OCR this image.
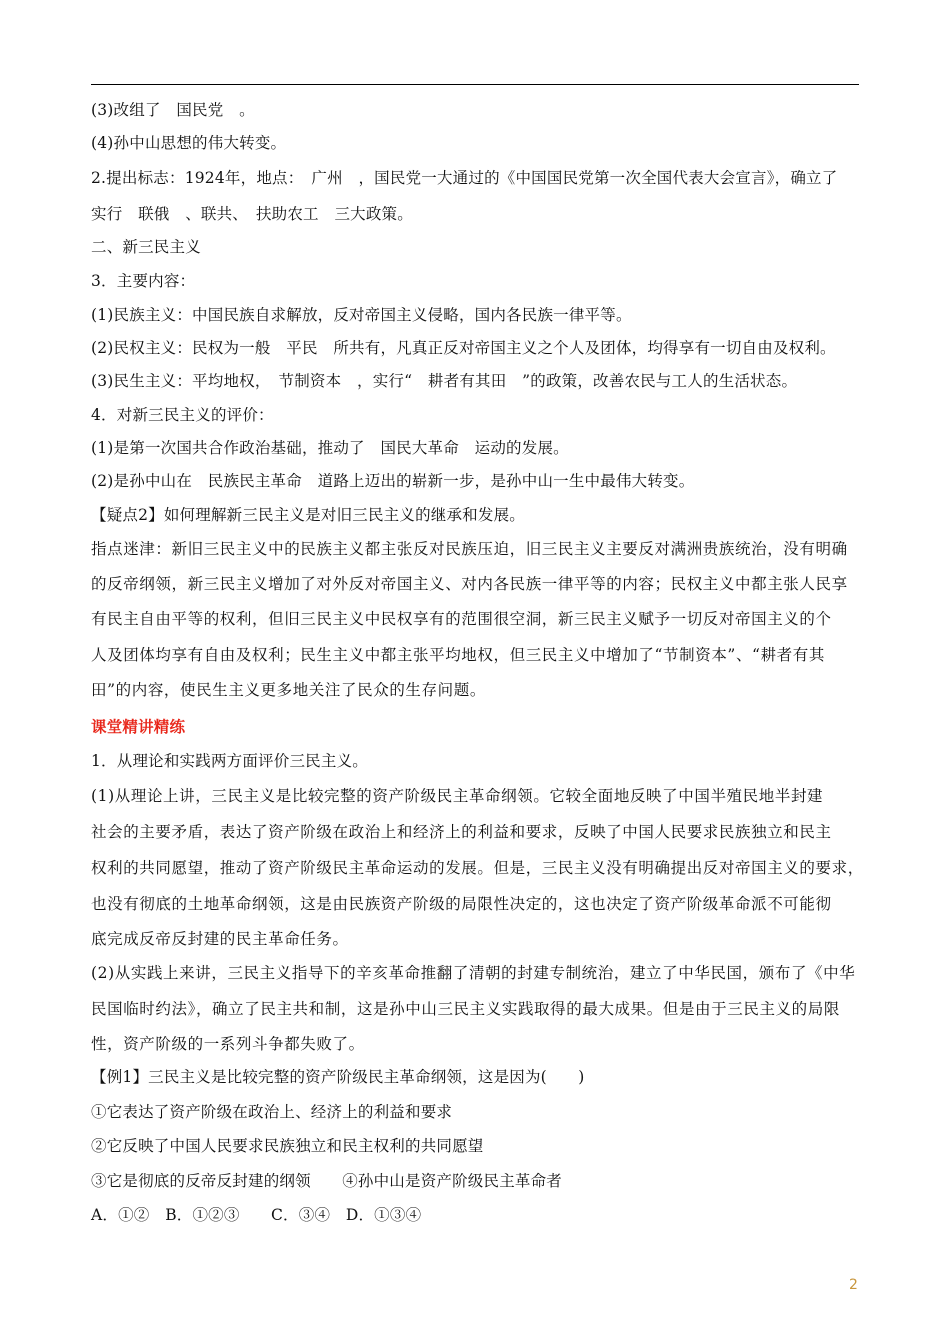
(3)改组了　国民党　。
(4)孙中山思想的伟大转变。
2.提出标志：1924年，地点：　广州　，国民党一大通过的《中国国民党第一次全国代表大会宣言》，确立了
实行　联俄　、联共、　扶助农工　三大政策。
二、新三民主义
3．主要内容：
(1)民族主义：中国民族自求解放，反对帝国主义侵略，国内各民族一律平等。
(2)民权主义：民权为一般　平民　所共有，凡真正反对帝国主义之个人及团体，均得享有一切自由及权利。
(3)民生主义：平均地权，　节制资本　，实行“　耕者有其田　”的政策，改善农民与工人的生活状态。
4．对新三民主义的评价：
(1)是第一次国共合作政治基础，推动了　国民大革命　运动的发展。
(2)是孙中山在　民族民主革命　道路上迈出的崭新一步，是孙中山一生中最伟大转变。
【疑点2】如何理解新三民主义是对旧三民主义的继承和发展。
指点迷津：新旧三民主义中的民族主义都主张反对民族压迫，旧三民主义主要反对满洲贵族统治，没有明确
的反帝纲领，新三民主义增加了对外反对帝国主义、对内各民族一律平等的内容；民权主义中都主张人民享
有民主自由平等的权利，但旧三民主义中民权享有的范围很空洞，新三民主义赋予一切反对帝国主义的个
人及团体均享有自由及权利；民生主义中都主张平均地权，但三民主义中增加了“节制资本”、“耕者有其
田”的内容，使民生主义更多地关注了民众的生存问题。
课堂精讲精练
1．从理论和实践两方面评价三民主义。
(1)从理论上讲，三民主义是比较完整的资产阶级民主革命纲领。它较全面地反映了中国半殖民地半封建
社会的主要矛盾，表达了资产阶级在政治上和经济上的利益和要求，反映了中国人民要求民族独立和民主
权利的共同愿望，推动了资产阶级民主革命运动的发展。但是，三民主义没有明确提出反对帝国主义的要求，
也没有彻底的土地革命纲领，这是由民族资产阶级的局限性决定的，这也决定了资产阶级革命派不可能彻
底完成反帝反封建的民主革命任务。
(2)从实践上来讲，三民主义指导下的辛亥革命推翻了清朝的封建专制统治，建立了中华民国，颁布了《中华
民国临时约法》，确立了民主共和制，这是孙中山三民主义实践取得的最大成果。但是由于三民主义的局限
性，资产阶级的一系列斗争都失败了。
【例1】三民主义是比较完整的资产阶级民主革命纲领，这是因为(　　)
①它表达了资产阶级在政治上、经济上的利益和要求
②它反映了中国人民要求民族独立和民主权利的共同愿望
③它是彻底的反帝反封建的纲领　　④孙中山是资产阶级民主革命者
A．①②　B．①②③　　C．③④　D．①③④
2
